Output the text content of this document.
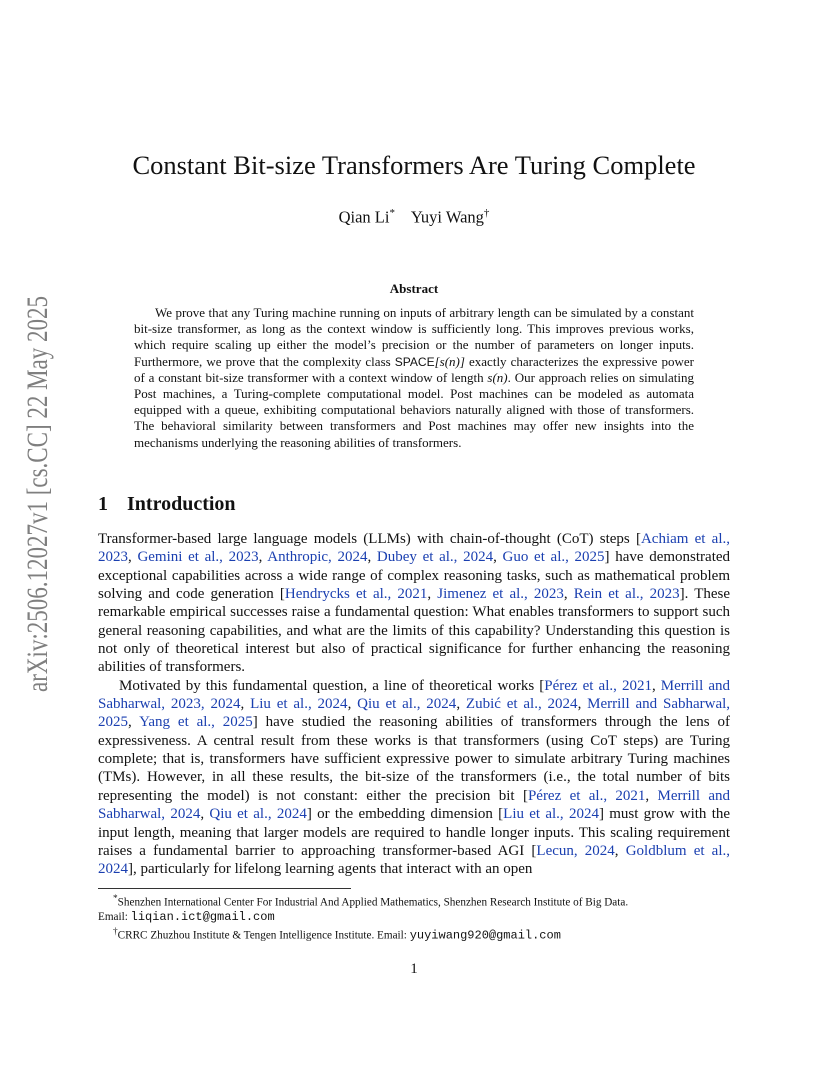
arXiv:2506.12027v1 [cs.CC] 22 May 2025
Constant Bit-size Transformers Are Turing Complete
Qian Li* Yuyi Wang†
Abstract

We prove that any Turing machine running on inputs of arbitrary length can be simulated by a constant bit-size transformer, as long as the context window is sufficiently long. This improves previous works, which require scaling up either the model’s precision or the number of parameters on longer inputs. Furthermore, we prove that the complexity class SPACE[s(n)] exactly characterizes the expressive power of a constant bit-size transformer with a context window of length s(n). Our approach relies on simulating Post machines, a Turing-complete computational model. Post machines can be modeled as automata equipped with a queue, exhibiting computational behaviors naturally aligned with those of transformers. The behavioral similarity between transformers and Post machines may offer new insights into the mechanisms underlying the reasoning abilities of transformers.

1 Introduction

Transformer-based large language models (LLMs) with chain-of-thought (CoT) steps [Achiam et al., 2023, Gemini et al., 2023, Anthropic, 2024, Dubey et al., 2024, Guo et al., 2025] have demonstrated exceptional capabilities across a wide range of complex reasoning tasks, such as mathematical problem solving and code generation [Hendrycks et al., 2021, Jimenez et al., 2023, Rein et al., 2023]. These remarkable empirical successes raise a fundamental question: What enables transformers to support such general reasoning capabilities, and what are the limits of this capability? Understanding this question is not only of theoretical interest but also of practical significance for further enhancing the reasoning abilities of transformers.

Motivated by this fundamental question, a line of theoretical works [Pérez et al., 2021, Merrill and Sabharwal, 2023, 2024, Liu et al., 2024, Qiu et al., 2024, Zubić et al., 2024, Merrill and Sabharwal, 2025, Yang et al., 2025] have studied the reasoning abilities of transformers through the lens of expressiveness. A central result from these works is that transformers (using CoT steps) are Turing complete; that is, transformers have sufficient expressive power to simulate arbitrary Turing machines (TMs). However, in all these results, the bit-size of the transformers (i.e., the total number of bits representing the model) is not constant: either the precision bit [Pérez et al., 2021, Merrill and Sabharwal, 2024, Qiu et al., 2024] or the embedding dimension [Liu et al., 2024] must grow with the input length, meaning that larger models are required to handle longer inputs. This scaling requirement raises a fundamental barrier to approaching transformer-based AGI [Lecun, 2024, Goldblum et al., 2024], particularly for lifelong learning agents that interact with an open

*Shenzhen International Center For Industrial And Applied Mathematics, Shenzhen Research Institute of Big Data.
Email: liqian.ict@gmail.com

†CRRC Zhuzhou Institute & Tengen Intelligence Institute. Email: yuyiwang920@gmail.com

1
